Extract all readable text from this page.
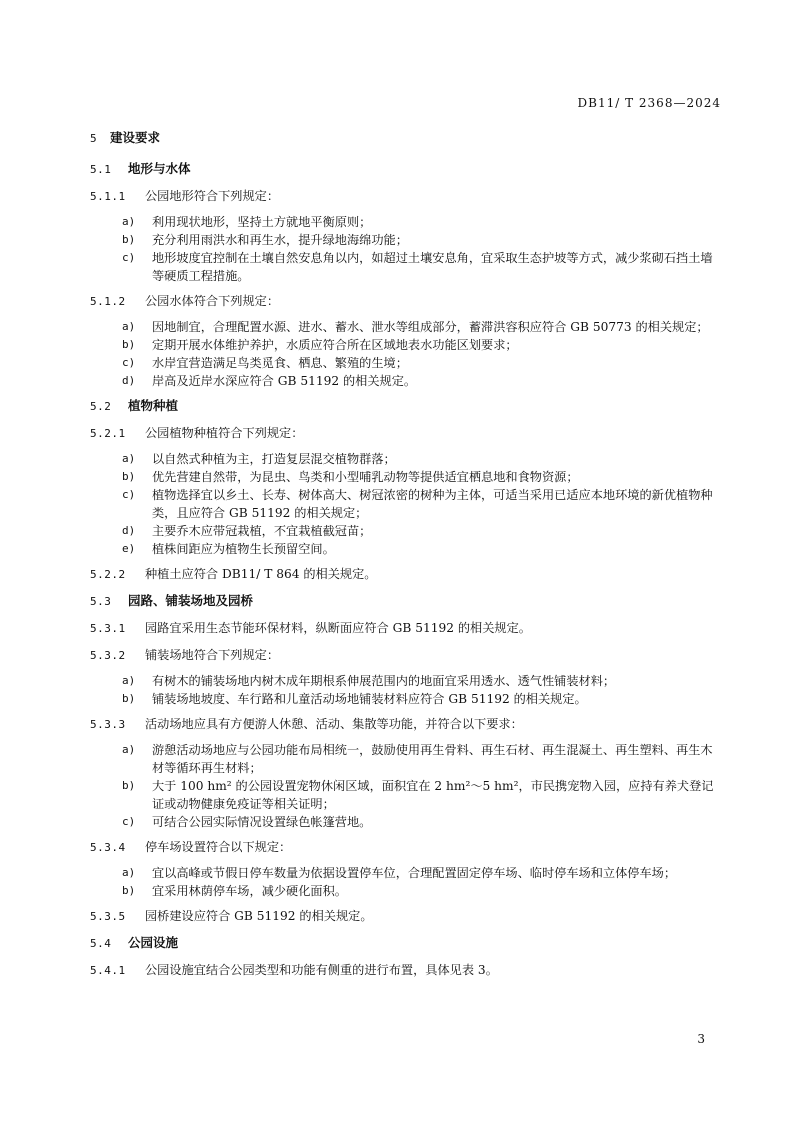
DB11/ T 2368—2024
5 建设要求
5.1 地形与水体
5.1.1 公园地形符合下列规定：
a)	利用现状地形，坚持土方就地平衡原则；
b)	充分利用雨洪水和再生水，提升绿地海绵功能；
c)	地形坡度宜控制在土壤自然安息角以内，如超过土壤安息角，宜采取生态护坡等方式，减少浆砌石挡土墙等硬质工程措施。
5.1.2 公园水体符合下列规定：
a)	因地制宜，合理配置水源、进水、蓄水、泄水等组成部分，蓄滞洪容积应符合 GB 50773 的相关规定；
b)	定期开展水体维护养护，水质应符合所在区域地表水功能区划要求；
c)	水岸宜营造满足鸟类觅食、栖息、繁殖的生境；
d)	岸高及近岸水深应符合 GB 51192 的相关规定。
5.2 植物种植
5.2.1 公园植物种植符合下列规定：
a)	以自然式种植为主，打造复层混交植物群落；
b)	优先营建自然带，为昆虫、鸟类和小型哺乳动物等提供适宜栖息地和食物资源；
c)	植物选择宜以乡土、长寿、树体高大、树冠浓密的树种为主体，可适当采用已适应本地环境的新优植物种类，且应符合 GB 51192 的相关规定；
d)	主要乔木应带冠栽植，不宜栽植截冠苗；
e)	植株间距应为植物生长预留空间。
5.2.2 种植土应符合 DB11/ T 864 的相关规定。
5.3 园路、铺装场地及园桥
5.3.1 园路宜采用生态节能环保材料，纵断面应符合 GB 51192 的相关规定。
5.3.2 铺装场地符合下列规定：
a)	有树木的铺装场地内树木成年期根系伸展范围内的地面宜采用透水、透气性铺装材料；
b)	铺装场地坡度、车行路和儿童活动场地铺装材料应符合 GB 51192 的相关规定。
5.3.3 活动场地应具有方便游人休憩、活动、集散等功能，并符合以下要求：
a)	游憩活动场地应与公园功能布局相统一，鼓励使用再生骨料、再生石材、再生混凝土、再生塑料、再生木材等循环再生材料；
b)	大于 100 hm² 的公园设置宠物休闲区域，面积宜在 2 hm²～5 hm²，市民携宠物入园，应持有养犬登记证或动物健康免疫证等相关证明；
c)	可结合公园实际情况设置绿色帐篷营地。
5.3.4 停车场设置符合以下规定：
a)	宜以高峰或节假日停车数量为依据设置停车位，合理配置固定停车场、临时停车场和立体停车场；
b)	宜采用林荫停车场，减少硬化面积。
5.3.5 园桥建设应符合 GB 51192 的相关规定。
5.4 公园设施
5.4.1 公园设施宜结合公园类型和功能有侧重的进行布置，具体见表 3。
3
